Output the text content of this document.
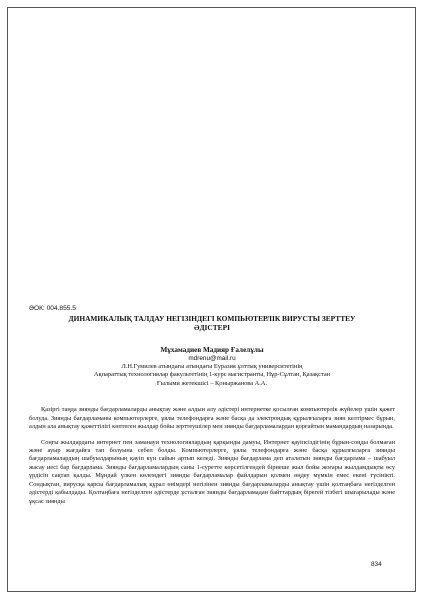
ӘОК: 004.855.5

ДИНАМИКАЛЫҚ ТАЛДАУ НЕГІЗІНДЕГІ КОМПЬЮТЕРЛІК ВИРУСТЫ ЗЕРТТЕУ

ӘДІСТЕРІ

Мұхамадиев Мадияр Ғалелұлы

mdrenu@mail.ru

Л.Н.Гумилев атындағы атындағы Еуразия ұлттық университетінің

Ақпараттық технологиялар факультетінің 1-курс магистранты, Нұр-Сұлтан, Қазақстан

Ғылыми жетекшісі – Қоныржанова А.А.

Қазіргі таңда зиянды бағдарламаларды анықтау және алдын алу әдістері интернетке қосылған компьютерлік жүйелер үшін қажет болуда. Зиянды бағдарламаны компьютерлерге, ұялы телефондарға және басқа да электрондық құрылғыларға зиян келтірмес бұрын, алдын ала анықтау қажеттілігі көптеген жылдар бойы зерттеушілер мен зиянды бағдарламалардан қорғайтын мамандардың назарында.

Соңғы жылдардағы интернет пен заманауи технологиялардың қарқынды дамуы, Интернет қауіпсіздігінің бұрын-соңды болмаған және ауыр жағдайға тап болуына себеп болды. Компьютерлерге, ұялы телефондарға және басқа құрылғыларға зиянды бағдарламалардың шабуылдарының қауіп күн сайын артып келеді. Зиянды бағдарлама деп аталатын зиянды бағдарлама – шабуыл жасау иесі бар бағдарлама. Зиянды бағдарламалардың саны 1-суретте көрсетілгендей бірнеше жыл бойы жоғары жылдамдықты өсу үрдісін сақтап қалды. Мұндай үлкен көлемдегі зиянды бағдарламалар файлдарын қолмен өңдеу мүмкін емес екені түсінікті. Сондықтан, вирусқа қарсы бағдарламалық құрал өнімдері негізінен зиянды бағдарламаларды анықтау үшін қолтаңбаға негізделген әдістерді қабылдады. Қолтаңбаға негізделген әдістерде ұсталған зиянды бағдарламадан байттардың бірегей тізбегі шығарылады және ұқсас зиянды

834
